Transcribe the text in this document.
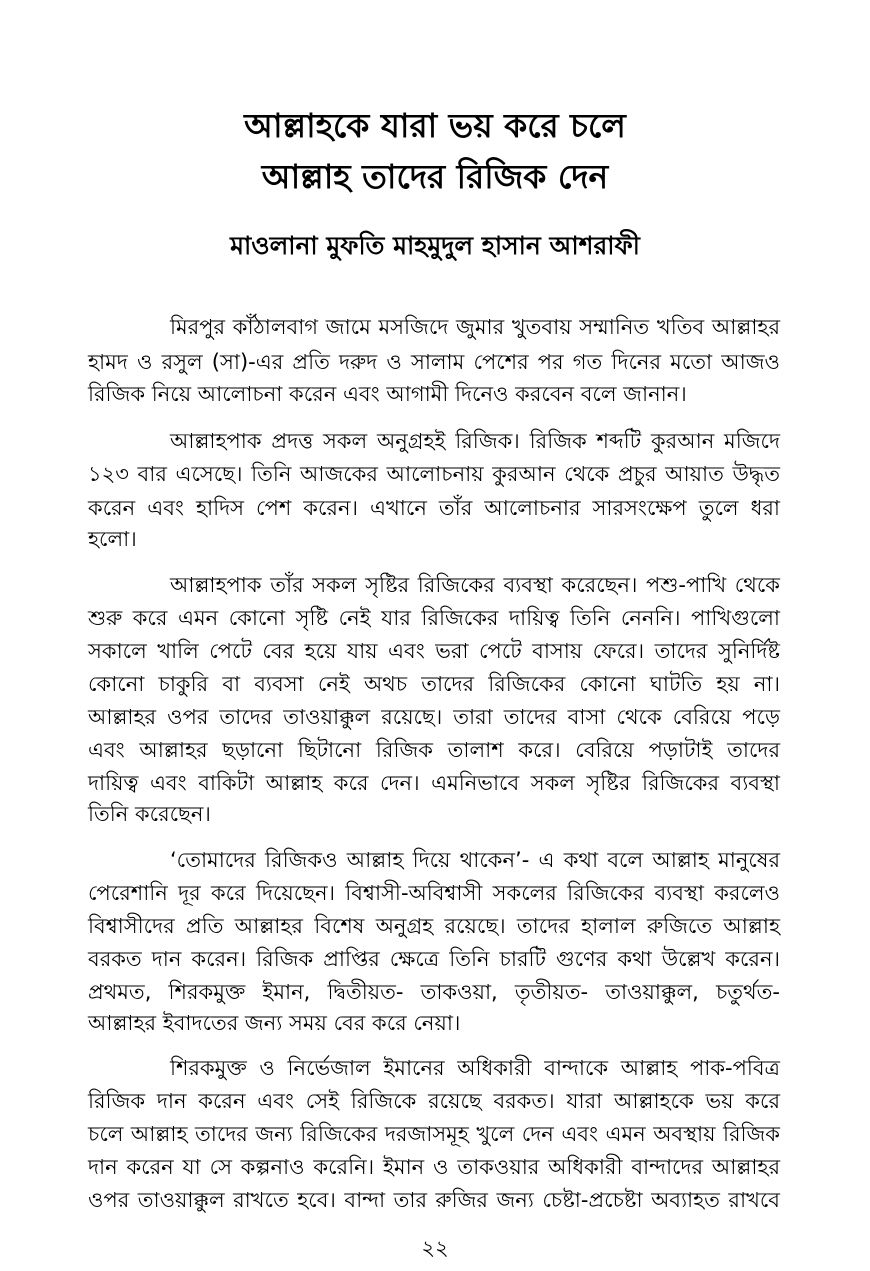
আল্লাহকে যারা ভয় করে চলে
আল্লাহ তাদের রিজিক দেন
মাওলানা মুফতি মাহমুদুল হাসান আশরাফী
মিরপুর কাঁঠালবাগ জামে মসজিদে জুমার খুতবায় সম্মানিত খতিব আল্লাহর
হামদ ও রসুল (সা)-এর প্রতি দরুদ ও সালাম পেশের পর গত দিনের মতো আজও
রিজিক নিয়ে আলোচনা করেন এবং আগামী দিনেও করবেন বলে জানান।
আল্লাহপাক প্রদত্ত সকল অনুগ্রহই রিজিক। রিজিক শব্দটি কুরআন মজিদে
১২৩ বার এসেছে। তিনি আজকের আলোচনায় কুরআন থেকে প্রচুর আয়াত উদ্ধৃত
করেন এবং হাদিস পেশ করেন। এখানে তাঁর আলোচনার সারসংক্ষেপ তুলে ধরা
হলো।
আল্লাহপাক তাঁর সকল সৃষ্টির রিজিকের ব্যবস্থা করেছেন। পশু-পাখি থেকে
শুরু করে এমন কোনো সৃষ্টি নেই যার রিজিকের দায়িত্ব তিনি নেননি। পাখিগুলো
সকালে খালি পেটে বের হয়ে যায় এবং ভরা পেটে বাসায় ফেরে। তাদের সুনির্দিষ্ট
কোনো চাকুরি বা ব্যবসা নেই অথচ তাদের রিজিকের কোনো ঘাটতি হয় না।
আল্লাহর ওপর তাদের তাওয়াক্কুল রয়েছে। তারা তাদের বাসা থেকে বেরিয়ে পড়ে
এবং আল্লাহর ছড়ানো ছিটানো রিজিক তালাশ করে। বেরিয়ে পড়াটাই তাদের
দায়িত্ব এবং বাকিটা আল্লাহ করে দেন। এমনিভাবে সকল সৃষ্টির রিজিকের ব্যবস্থা
তিনি করেছেন।
‘তোমাদের রিজিকও আল্লাহ দিয়ে থাকেন’- এ কথা বলে আল্লাহ মানুষের
পেরেশানি দূর করে দিয়েছেন। বিশ্বাসী-অবিশ্বাসী সকলের রিজিকের ব্যবস্থা করলেও
বিশ্বাসীদের প্রতি আল্লাহর বিশেষ অনুগ্রহ রয়েছে। তাদের হালাল রুজিতে আল্লাহ
বরকত দান করেন। রিজিক প্রাপ্তির ক্ষেত্রে তিনি চারটি গুণের কথা উল্লেখ করেন।
প্রথমত, শিরকমুক্ত ইমান, দ্বিতীয়ত- তাকওয়া, তৃতীয়ত- তাওয়াক্কুল, চতুর্থত-
আল্লাহর ইবাদতের জন্য সময় বের করে নেয়া।
শিরকমুক্ত ও নির্ভেজাল ইমানের অধিকারী বান্দাকে আল্লাহ পাক-পবিত্র
রিজিক দান করেন এবং সেই রিজিকে রয়েছে বরকত। যারা আল্লাহকে ভয় করে
চলে আল্লাহ তাদের জন্য রিজিকের দরজাসমূহ খুলে দেন এবং এমন অবস্থায় রিজিক
দান করেন যা সে কল্পনাও করেনি। ইমান ও তাকওয়ার অধিকারী বান্দাদের আল্লাহর
ওপর তাওয়াক্কুল রাখতে হবে। বান্দা তার রুজির জন্য চেষ্টা-প্রচেষ্টা অব্যাহত রাখবে
২২
